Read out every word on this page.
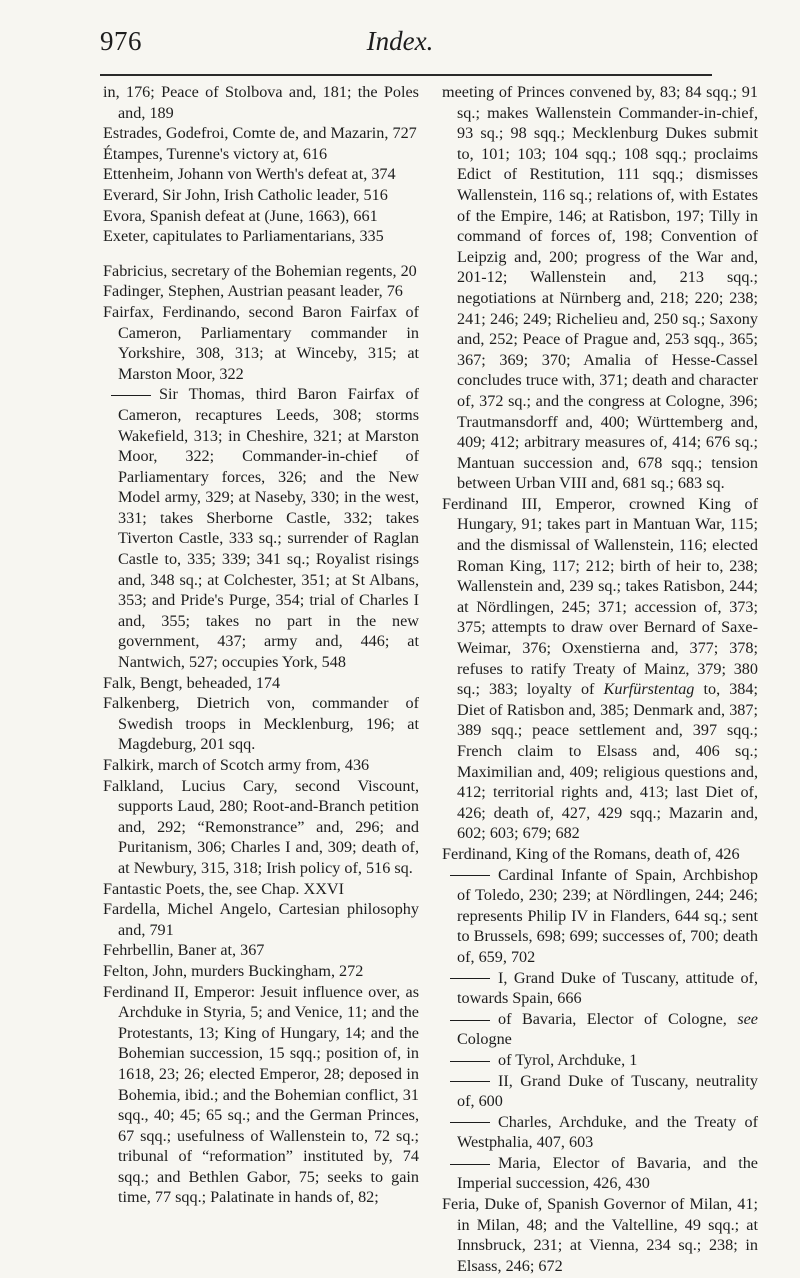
976	Index.

in, 176; Peace of Stolbova and, 181; the Poles and, 189

Estrades, Godefroi, Comte de, and Mazarin, 727

Étampes, Turenne's victory at, 616

Ettenheim, Johann von Werth's defeat at, 374

Everard, Sir John, Irish Catholic leader, 516

Evora, Spanish defeat at (June, 1663), 661

Exeter, capitulates to Parliamentarians, 335

Fabricius, secretary of the Bohemian regents, 20

Fadinger, Stephen, Austrian peasant leader, 76

Fairfax, Ferdinando, second Baron Fairfax of Cameron, Parliamentary commander in Yorkshire, 308, 313; at Winceby, 315; at Marston Moor, 322

Sir Thomas, third Baron Fairfax of Cameron, recaptures Leeds, 308; storms Wakefield, 313; in Cheshire, 321; at Marston Moor, 322; Commander-in-chief of Parliamentary forces, 326; and the New Model army, 329; at Naseby, 330; in the west, 331; takes Sherborne Castle, 332; takes Tiverton Castle, 333 sq.; surrender of Raglan Castle to, 335; 339; 341 sq.; Royalist risings and, 348 sq.; at Colchester, 351; at St Albans, 353; and Pride's Purge, 354; trial of Charles I and, 355; takes no part in the new government, 437; army and, 446; at Nantwich, 527; occupies York, 548

Falk, Bengt, beheaded, 174

Falkenberg, Dietrich von, commander of Swedish troops in Mecklenburg, 196; at Magdeburg, 201 sqq.

Falkirk, march of Scotch army from, 436

Falkland, Lucius Cary, second Viscount, supports Laud, 280; Root-and-Branch petition and, 292; “Remonstrance” and, 296; and Puritanism, 306; Charles I and, 309; death of, at Newbury, 315, 318; Irish policy of, 516 sq.

Fantastic Poets, the, see Chap. XXVI

Fardella, Michel Angelo, Cartesian philosophy and, 791

Fehrbellin, Baner at, 367

Felton, John, murders Buckingham, 272

Ferdinand II, Emperor: Jesuit influence over, as Archduke in Styria, 5; and Venice, 11; and the Protestants, 13; King of Hungary, 14; and the Bohemian succession, 15 sqq.; position of, in 1618, 23; 26; elected Emperor, 28; deposed in Bohemia, ibid.; and the Bohemian conflict, 31 sqq., 40; 45; 65 sq.; and the German Princes, 67 sqq.; usefulness of Wallenstein to, 72 sq.; tribunal of “reformation” instituted by, 74 sqq.; and Bethlen Gabor, 75; seeks to gain time, 77 sqq.; Palatinate in hands of, 82;

meeting of Princes convened by, 83; 84 sqq.; 91 sq.; makes Wallenstein Commander-in-chief, 93 sq.; 98 sqq.; Mecklenburg Dukes submit to, 101; 103; 104 sqq.; 108 sqq.; proclaims Edict of Restitution, 111 sqq.; dismisses Wallenstein, 116 sq.; relations of, with Estates of the Empire, 146; at Ratisbon, 197; Tilly in command of forces of, 198; Convention of Leipzig and, 200; progress of the War and, 201-12; Wallenstein and, 213 sqq.; negotiations at Nürnberg and, 218; 220; 238; 241; 246; 249; Richelieu and, 250 sq.; Saxony and, 252; Peace of Prague and, 253 sqq., 365; 367; 369; 370; Amalia of Hesse-Cassel concludes truce with, 371; death and character of, 372 sq.; and the congress at Cologne, 396; Trautmansdorff and, 400; Württemberg and, 409; 412; arbitrary measures of, 414; 676 sq.; Mantuan succession and, 678 sqq.; tension between Urban VIII and, 681 sq.; 683 sq.

Ferdinand III, Emperor, crowned King of Hungary, 91; takes part in Mantuan War, 115; and the dismissal of Wallenstein, 116; elected Roman King, 117; 212; birth of heir to, 238; Wallenstein and, 239 sq.; takes Ratisbon, 244; at Nördlingen, 245; 371; accession of, 373; 375; attempts to draw over Bernard of Saxe-Weimar, 376; Oxenstierna and, 377; 378; refuses to ratify Treaty of Mainz, 379; 380 sq.; 383; loyalty of Kurfürstentag to, 384; Diet of Ratisbon and, 385; Denmark and, 387; 389 sqq.; peace settlement and, 397 sqq.; French claim to Elsass and, 406 sq.; Maximilian and, 409; religious questions and, 412; territorial rights and, 413; last Diet of, 426; death of, 427, 429 sqq.; Mazarin and, 602; 603; 679; 682

Ferdinand, King of the Romans, death of, 426

Cardinal Infante of Spain, Archbishop of Toledo, 230; 239; at Nördlingen, 244; 246; represents Philip IV in Flanders, 644 sq.; sent to Brussels, 698; 699; successes of, 700; death of, 659, 702

I, Grand Duke of Tuscany, attitude of, towards Spain, 666

of Bavaria, Elector of Cologne, see Cologne

of Tyrol, Archduke, 1

II, Grand Duke of Tuscany, neutrality of, 600

Charles, Archduke, and the Treaty of Westphalia, 407, 603

Maria, Elector of Bavaria, and the Imperial succession, 426, 430

Feria, Duke of, Spanish Governor of Milan, 41; in Milan, 48; and the Valtelline, 49 sqq.; at Innsbruck, 231; at Vienna, 234 sq.; 238; in Elsass, 246; 672
